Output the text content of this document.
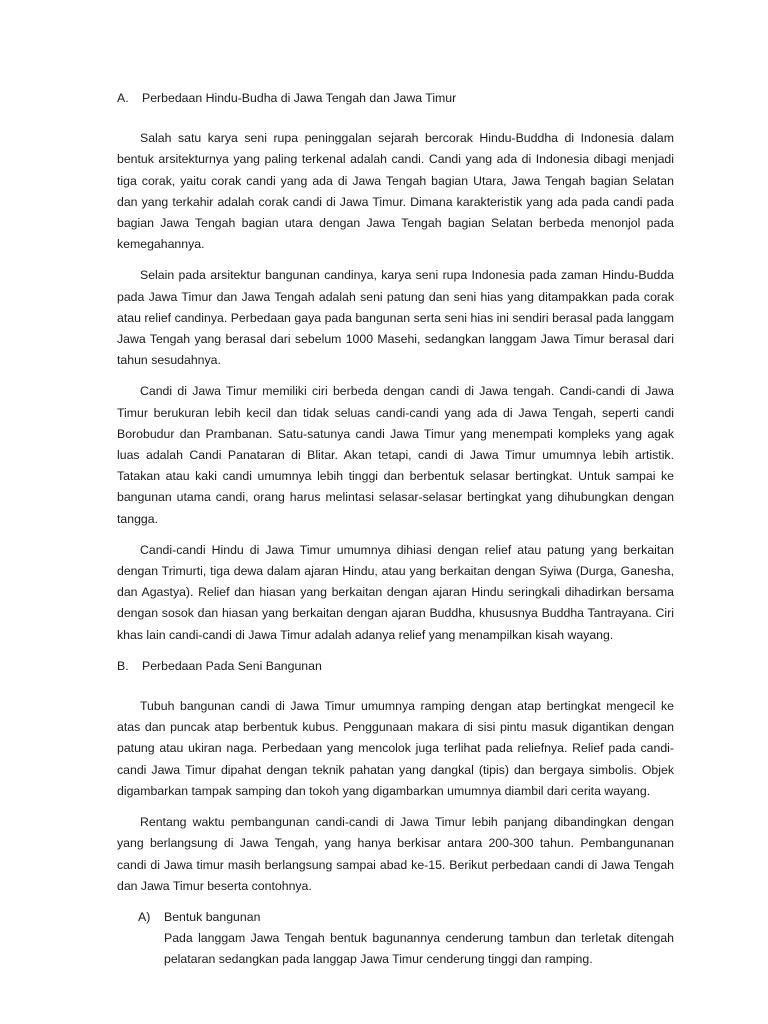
A.	Perbedaan Hindu-Budha di Jawa Tengah dan Jawa Timur

Salah satu karya seni rupa peninggalan sejarah bercorak Hindu-Buddha di Indonesia dalam bentuk arsitekturnya yang paling terkenal adalah candi. Candi yang ada di Indonesia dibagi menjadi tiga corak, yaitu corak candi yang ada di Jawa Tengah bagian Utara, Jawa Tengah bagian Selatan dan yang terkahir adalah corak candi di Jawa Timur. Dimana karakteristik yang ada pada candi pada bagian Jawa Tengah bagian utara dengan Jawa Tengah bagian Selatan berbeda menonjol pada kemegahannya.

Selain pada arsitektur bangunan candinya, karya seni rupa Indonesia pada zaman Hindu-Budda pada Jawa Timur dan Jawa Tengah adalah seni patung dan seni hias yang ditampakkan pada corak atau relief candinya. Perbedaan gaya pada bangunan serta seni hias ini sendiri berasal pada langgam Jawa Tengah yang berasal dari sebelum 1000 Masehi, sedangkan langgam Jawa Timur berasal dari tahun sesudahnya.

Candi di Jawa Timur memiliki ciri berbeda dengan candi di Jawa tengah. Candi-candi di Jawa Timur berukuran lebih kecil dan tidak seluas candi-candi yang ada di Jawa Tengah, seperti candi Borobudur dan Prambanan. Satu-satunya candi Jawa Timur yang menempati kompleks yang agak luas adalah Candi Panataran di Blitar. Akan tetapi, candi di Jawa Timur umumnya lebih artistik. Tatakan atau kaki candi umumnya lebih tinggi dan berbentuk selasar bertingkat. Untuk sampai ke bangunan utama candi, orang harus melintasi selasar-selasar bertingkat yang dihubungkan dengan tangga.

Candi-candi Hindu di Jawa Timur umumnya dihiasi dengan relief atau patung yang berkaitan dengan Trimurti, tiga dewa dalam ajaran Hindu, atau yang berkaitan dengan Syiwa (Durga, Ganesha, dan Agastya). Relief dan hiasan yang berkaitan dengan ajaran Hindu seringkali dihadirkan bersama dengan sosok dan hiasan yang berkaitan dengan ajaran Buddha, khususnya Buddha Tantrayana. Ciri khas lain candi-candi di Jawa Timur adalah adanya relief yang menampilkan kisah wayang.

B.	Perbedaan Pada Seni Bangunan

Tubuh bangunan candi di Jawa Timur umumnya ramping dengan atap bertingkat mengecil ke atas dan puncak atap berbentuk kubus. Penggunaan makara di sisi pintu masuk digantikan dengan patung atau ukiran naga. Perbedaan yang mencolok juga terlihat pada reliefnya. Relief pada candi-candi Jawa Timur dipahat dengan teknik pahatan yang dangkal (tipis) dan bergaya simbolis. Objek digambarkan tampak samping dan tokoh yang digambarkan umumnya diambil dari cerita wayang.

Rentang waktu pembangunan candi-candi di Jawa Timur lebih panjang dibandingkan dengan yang berlangsung di Jawa Tengah, yang hanya berkisar antara 200-300 tahun. Pembangunanan candi di Jawa timur masih berlangsung sampai abad ke-15. Berikut perbedaan candi di Jawa Tengah dan Jawa Timur beserta contohnya.

A)	Bentuk bangunan
Pada langgam Jawa Tengah bentuk bagunannya cenderung tambun dan terletak ditengah pelataran sedangkan pada langgap Jawa Timur cenderung tinggi dan ramping.
